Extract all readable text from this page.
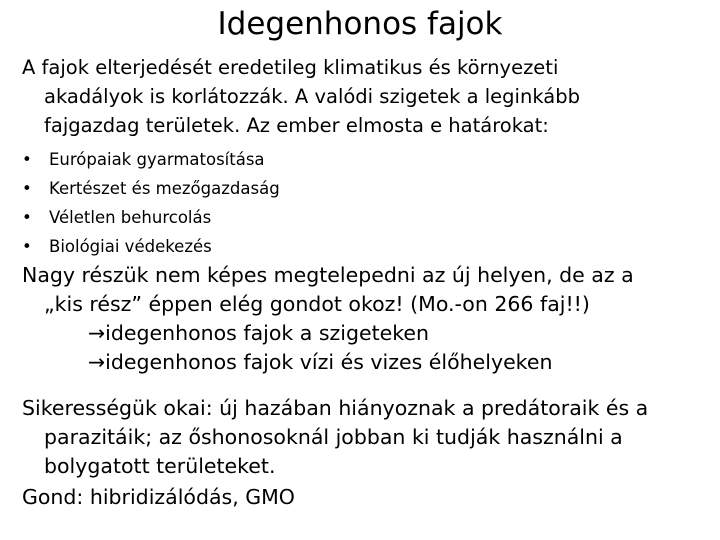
Idegenhonos fajok
A fajok elterjedését eredetileg klimatikus és környezeti
akadályok is korlátozzák. A valódi szigetek a leginkább
fajgazdag területek. Az ember elmosta e határokat:
• Európaiak gyarmatosítása
• Kertészet és mezőgazdaság
• Véletlen behurcolás
• Biológiai védekezés
Nagy részük nem képes megtelepedni az új helyen, de az a
„kis rész” éppen elég gondot okoz! (Mo.-on 266 faj!!)
→idegenhonos fajok a szigeteken
→idegenhonos fajok vízi és vizes élőhelyeken
Sikerességük okai: új hazában hiányoznak a predátoraik és a
parazitáik; az őshonosoknál jobban ki tudják használni a
bolygatott területeket.
Gond: hibridizálódás, GMO
